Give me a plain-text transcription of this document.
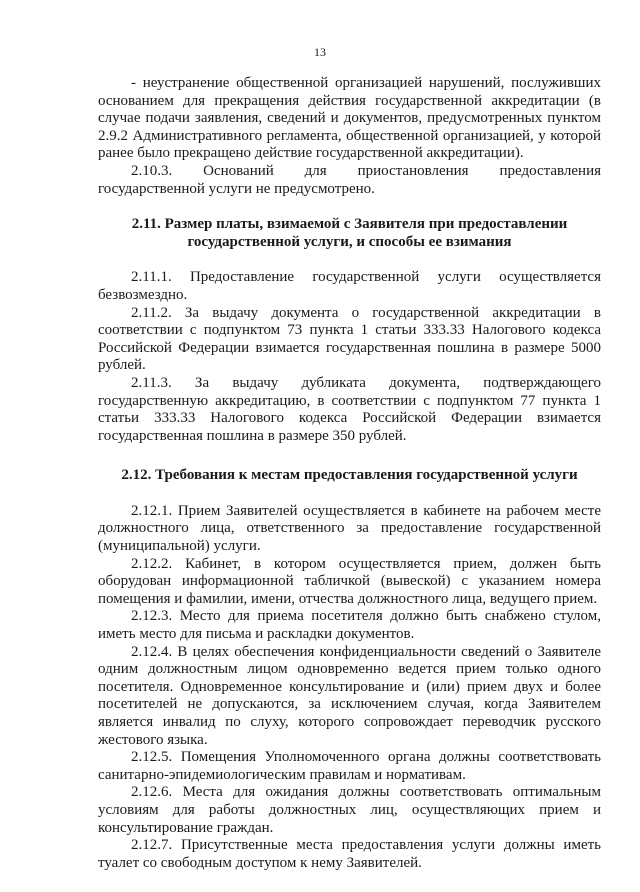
13

- неустранение общественной организацией нарушений, послуживших основанием для прекращения действия государственной аккредитации (в случае подачи заявления, сведений и документов, предусмотренных пунктом 2.9.2 Административного регламента, общественной организацией, у которой ранее было прекращено действие государственной аккредитации).

2.10.3. Оснований для приостановления предоставления государственной услуги не предусмотрено.

2.11. Размер платы, взимаемой с Заявителя при предоставлении государственной услуги, и способы ее взимания

2.11.1. Предоставление государственной услуги осуществляется безвозмездно.

2.11.2. За выдачу документа о государственной аккредитации в соответствии с подпунктом 73 пункта 1 статьи 333.33 Налогового кодекса Российской Федерации взимается государственная пошлина в размере 5000 рублей.

2.11.3. За выдачу дубликата документа, подтверждающего государственную аккредитацию, в соответствии с подпунктом 77 пункта 1 статьи 333.33 Налогового кодекса Российской Федерации взимается государственная пошлина в размере 350 рублей.

2.12. Требования к местам предоставления государственной услуги

2.12.1. Прием Заявителей осуществляется в кабинете на рабочем месте должностного лица, ответственного за предоставление государственной (муниципальной) услуги.

2.12.2. Кабинет, в котором осуществляется прием, должен быть оборудован информационной табличкой (вывеской) с указанием номера помещения и фамилии, имени, отчества должностного лица, ведущего прием.

2.12.3. Место для приема посетителя должно быть снабжено стулом, иметь место для письма и раскладки документов.

2.12.4. В целях обеспечения конфиденциальности сведений о Заявителе одним должностным лицом одновременно ведется прием только одного посетителя. Одновременное консультирование и (или) прием двух и более посетителей не допускаются, за исключением случая, когда Заявителем является инвалид по слуху, которого сопровождает переводчик русского жестового языка.

2.12.5. Помещения Уполномоченного органа должны соответствовать санитарно-эпидемиологическим правилам и нормативам.

2.12.6. Места для ожидания должны соответствовать оптимальным условиям для работы должностных лиц, осуществляющих прием и консультирование граждан.

2.12.7. Присутственные места предоставления услуги должны иметь туалет со свободным доступом к нему Заявителей.
